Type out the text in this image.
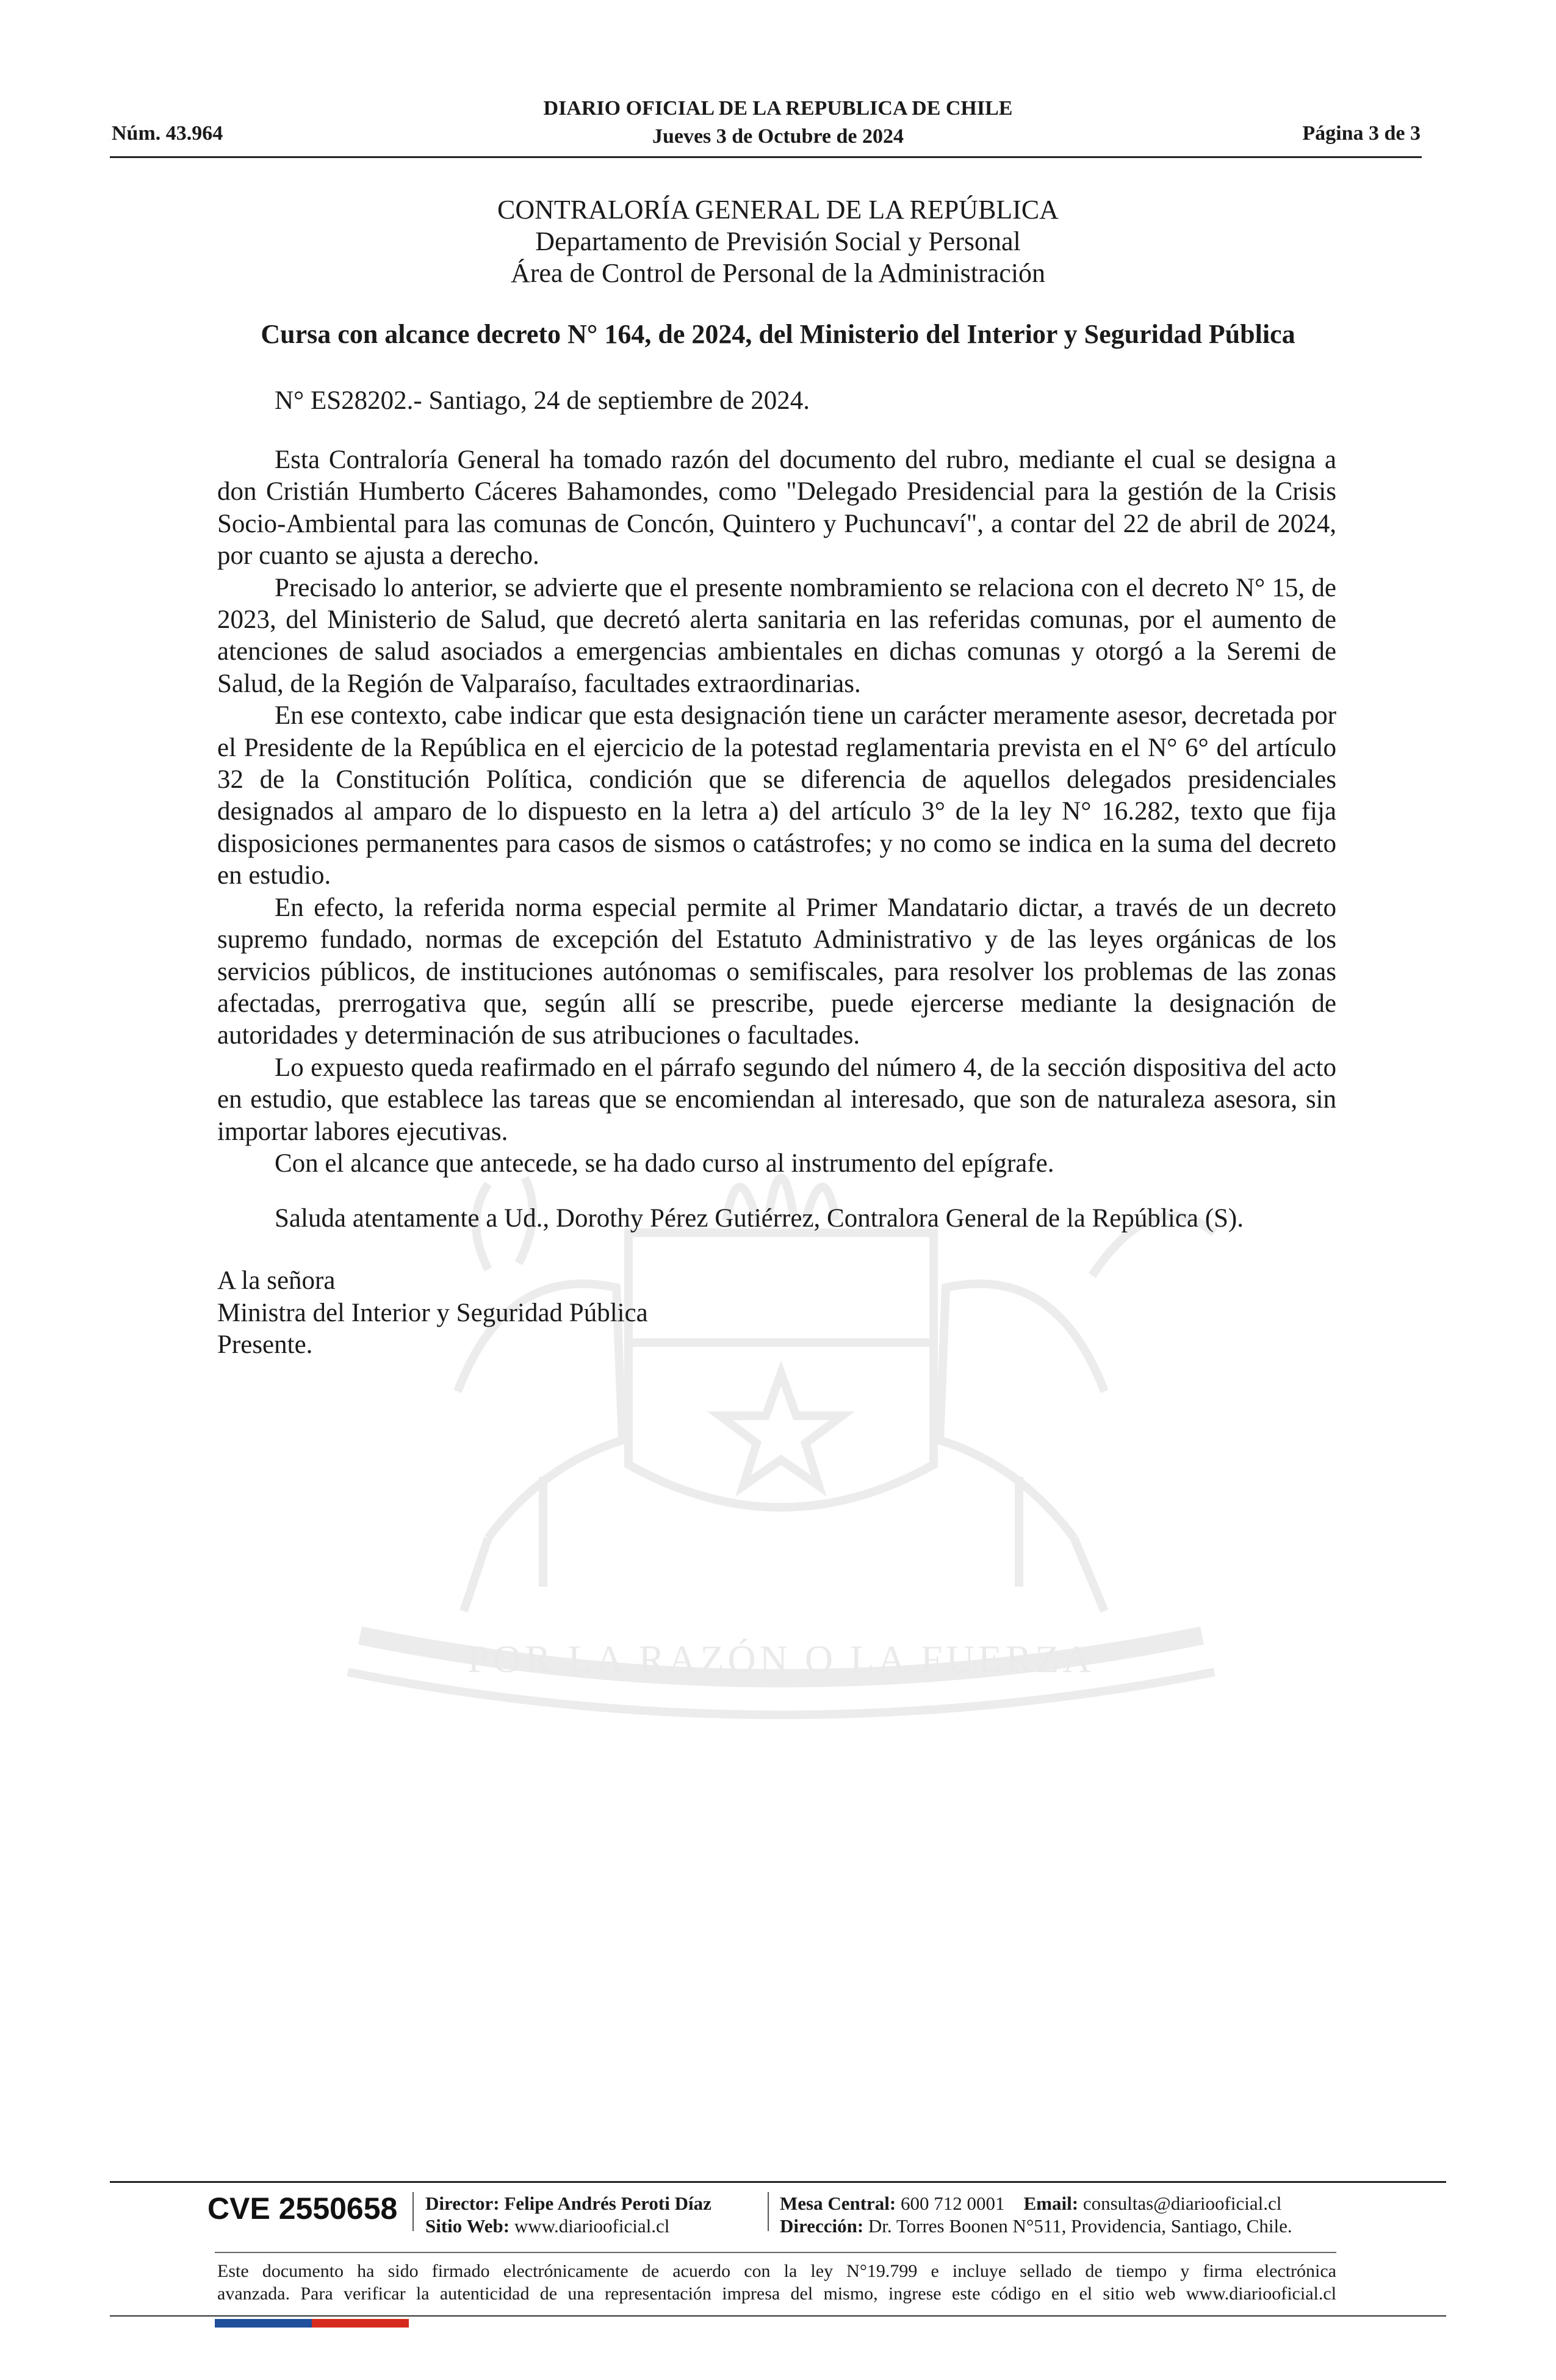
DIARIO OFICIAL DE LA REPUBLICA DE CHILE
Jueves 3 de Octubre de 2024
Núm. 43.964	Página 3 de 3
POR LA RAZÓN O LA FUERZA
CONTRALORÍA GENERAL DE LA REPÚBLICA
Departamento de Previsión Social y Personal
Área de Control de Personal de la Administración
Cursa con alcance decreto N° 164, de 2024, del Ministerio del Interior y Seguridad Pública
N° ES28202.- Santiago, 24 de septiembre de 2024.

Esta Contraloría General ha tomado razón del documento del rubro, mediante el cual se designa a don Cristián Humberto Cáceres Bahamondes, como "Delegado Presidencial para la gestión de la Crisis Socio-Ambiental para las comunas de Concón, Quintero y Puchuncaví", a contar del 22 de abril de 2024, por cuanto se ajusta a derecho.

Precisado lo anterior, se advierte que el presente nombramiento se relaciona con el decreto N° 15, de 2023, del Ministerio de Salud, que decretó alerta sanitaria en las referidas comunas, por el aumento de atenciones de salud asociados a emergencias ambientales en dichas comunas y otorgó a la Seremi de Salud, de la Región de Valparaíso, facultades extraordinarias.

En ese contexto, cabe indicar que esta designación tiene un carácter meramente asesor, decretada por el Presidente de la República en el ejercicio de la potestad reglamentaria prevista en el N° 6° del artículo 32 de la Constitución Política, condición que se diferencia de aquellos delegados presidenciales designados al amparo de lo dispuesto en la letra a) del artículo 3° de la ley N° 16.282, texto que fija disposiciones permanentes para casos de sismos o catástrofes; y no como se indica en la suma del decreto en estudio.

En efecto, la referida norma especial permite al Primer Mandatario dictar, a través de un decreto supremo fundado, normas de excepción del Estatuto Administrativo y de las leyes orgánicas de los servicios públicos, de instituciones autónomas o semifiscales, para resolver los problemas de las zonas afectadas, prerrogativa que, según allí se prescribe, puede ejercerse mediante la designación de autoridades y determinación de sus atribuciones o facultades.

Lo expuesto queda reafirmado en el párrafo segundo del número 4, de la sección dispositiva del acto en estudio, que establece las tareas que se encomiendan al interesado, que son de naturaleza asesora, sin importar labores ejecutivas.

Con el alcance que antecede, se ha dado curso al instrumento del epígrafe.

Saluda atentamente a Ud., Dorothy Pérez Gutiérrez, Contralora General de la República (S).
A la señora
Ministra del Interior y Seguridad Pública
Presente.
CVE 2550658 Director: Felipe Andrés Peroti Díaz
Sitio Web: www.diariooficial.cl
Mesa Central: 600 712 0001 Email: consultas@diariooficial.cl
Dirección: Dr. Torres Boonen N°511, Providencia, Santiago, Chile.
Este documento ha sido firmado electrónicamente de acuerdo con la ley N°19.799 e incluye sellado de tiempo y firma electrónica
avanzada. Para verificar la autenticidad de una representación impresa del mismo, ingrese este código en el sitio web www.diariooficial.cl
